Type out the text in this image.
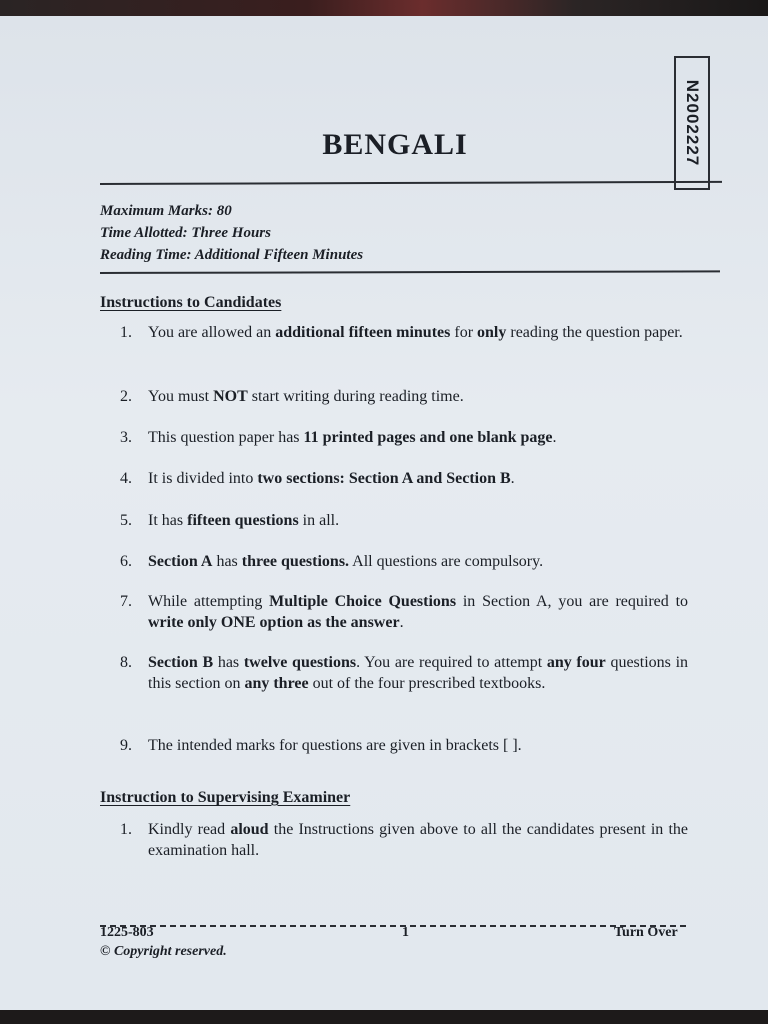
N2002227
BENGALI
Maximum Marks: 80
Time Allotted: Three Hours
Reading Time: Additional Fifteen Minutes
Instructions to Candidates
1.	You are allowed an additional fifteen minutes for only reading the question paper.
2.	You must NOT start writing during reading time.
3.	This question paper has 11 printed pages and one blank page.
4.	It is divided into two sections: Section A and Section B.
5.	It has fifteen questions in all.
6.	Section A has three questions. All questions are compulsory.
7.	While attempting Multiple Choice Questions in Section A, you are required to write only ONE option as the answer.
8.	Section B has twelve questions. You are required to attempt any four questions in this section on any three out of the four prescribed textbooks.
9.	The intended marks for questions are given in brackets [ ].
Instruction to Supervising Examiner
1.	Kindly read aloud the Instructions given above to all the candidates present in the examination hall.
1225-803	1	Turn Over
© Copyright reserved.
